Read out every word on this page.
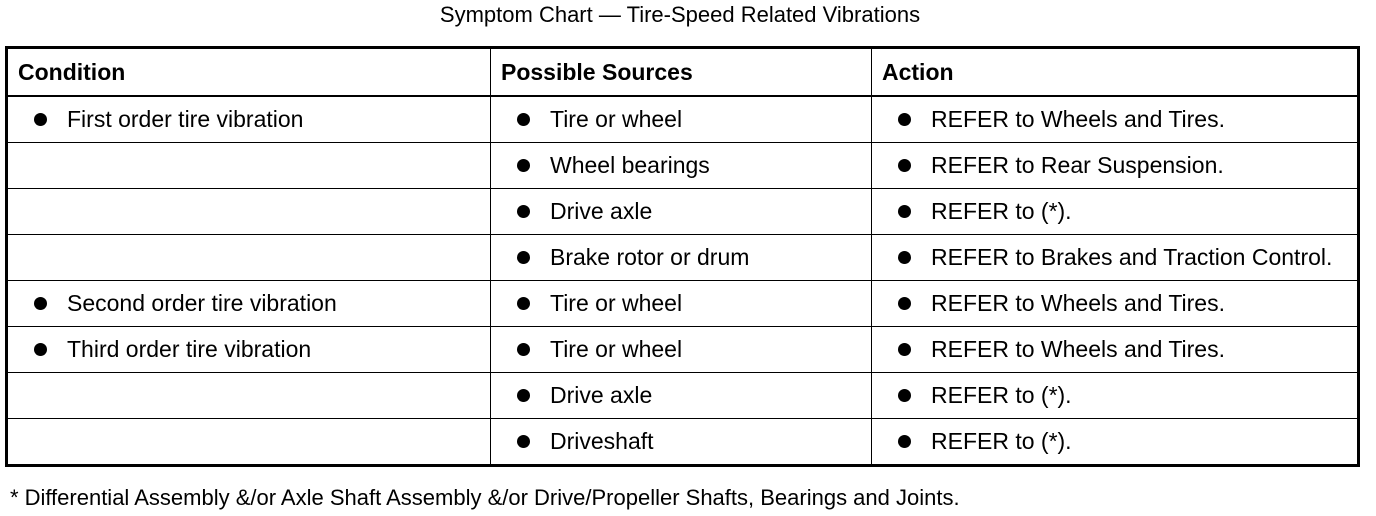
Symptom Chart — Tire-Speed Related Vibrations
Condition	Possible Sources	Action

First order tire vibration	Tire or wheel	REFER to Wheels and Tires.

	Wheel bearings	REFER to Rear Suspension.

	Drive axle	REFER to (*).

	Brake rotor or drum	REFER to Brakes and Traction Control.

Second order tire vibration	Tire or wheel	REFER to Wheels and Tires.

Third order tire vibration	Tire or wheel	REFER to Wheels and Tires.

	Drive axle	REFER to (*).

	Driveshaft	REFER to (*).
* Differential Assembly &/or Axle Shaft Assembly &/or Drive/Propeller Shafts, Bearings and Joints.
